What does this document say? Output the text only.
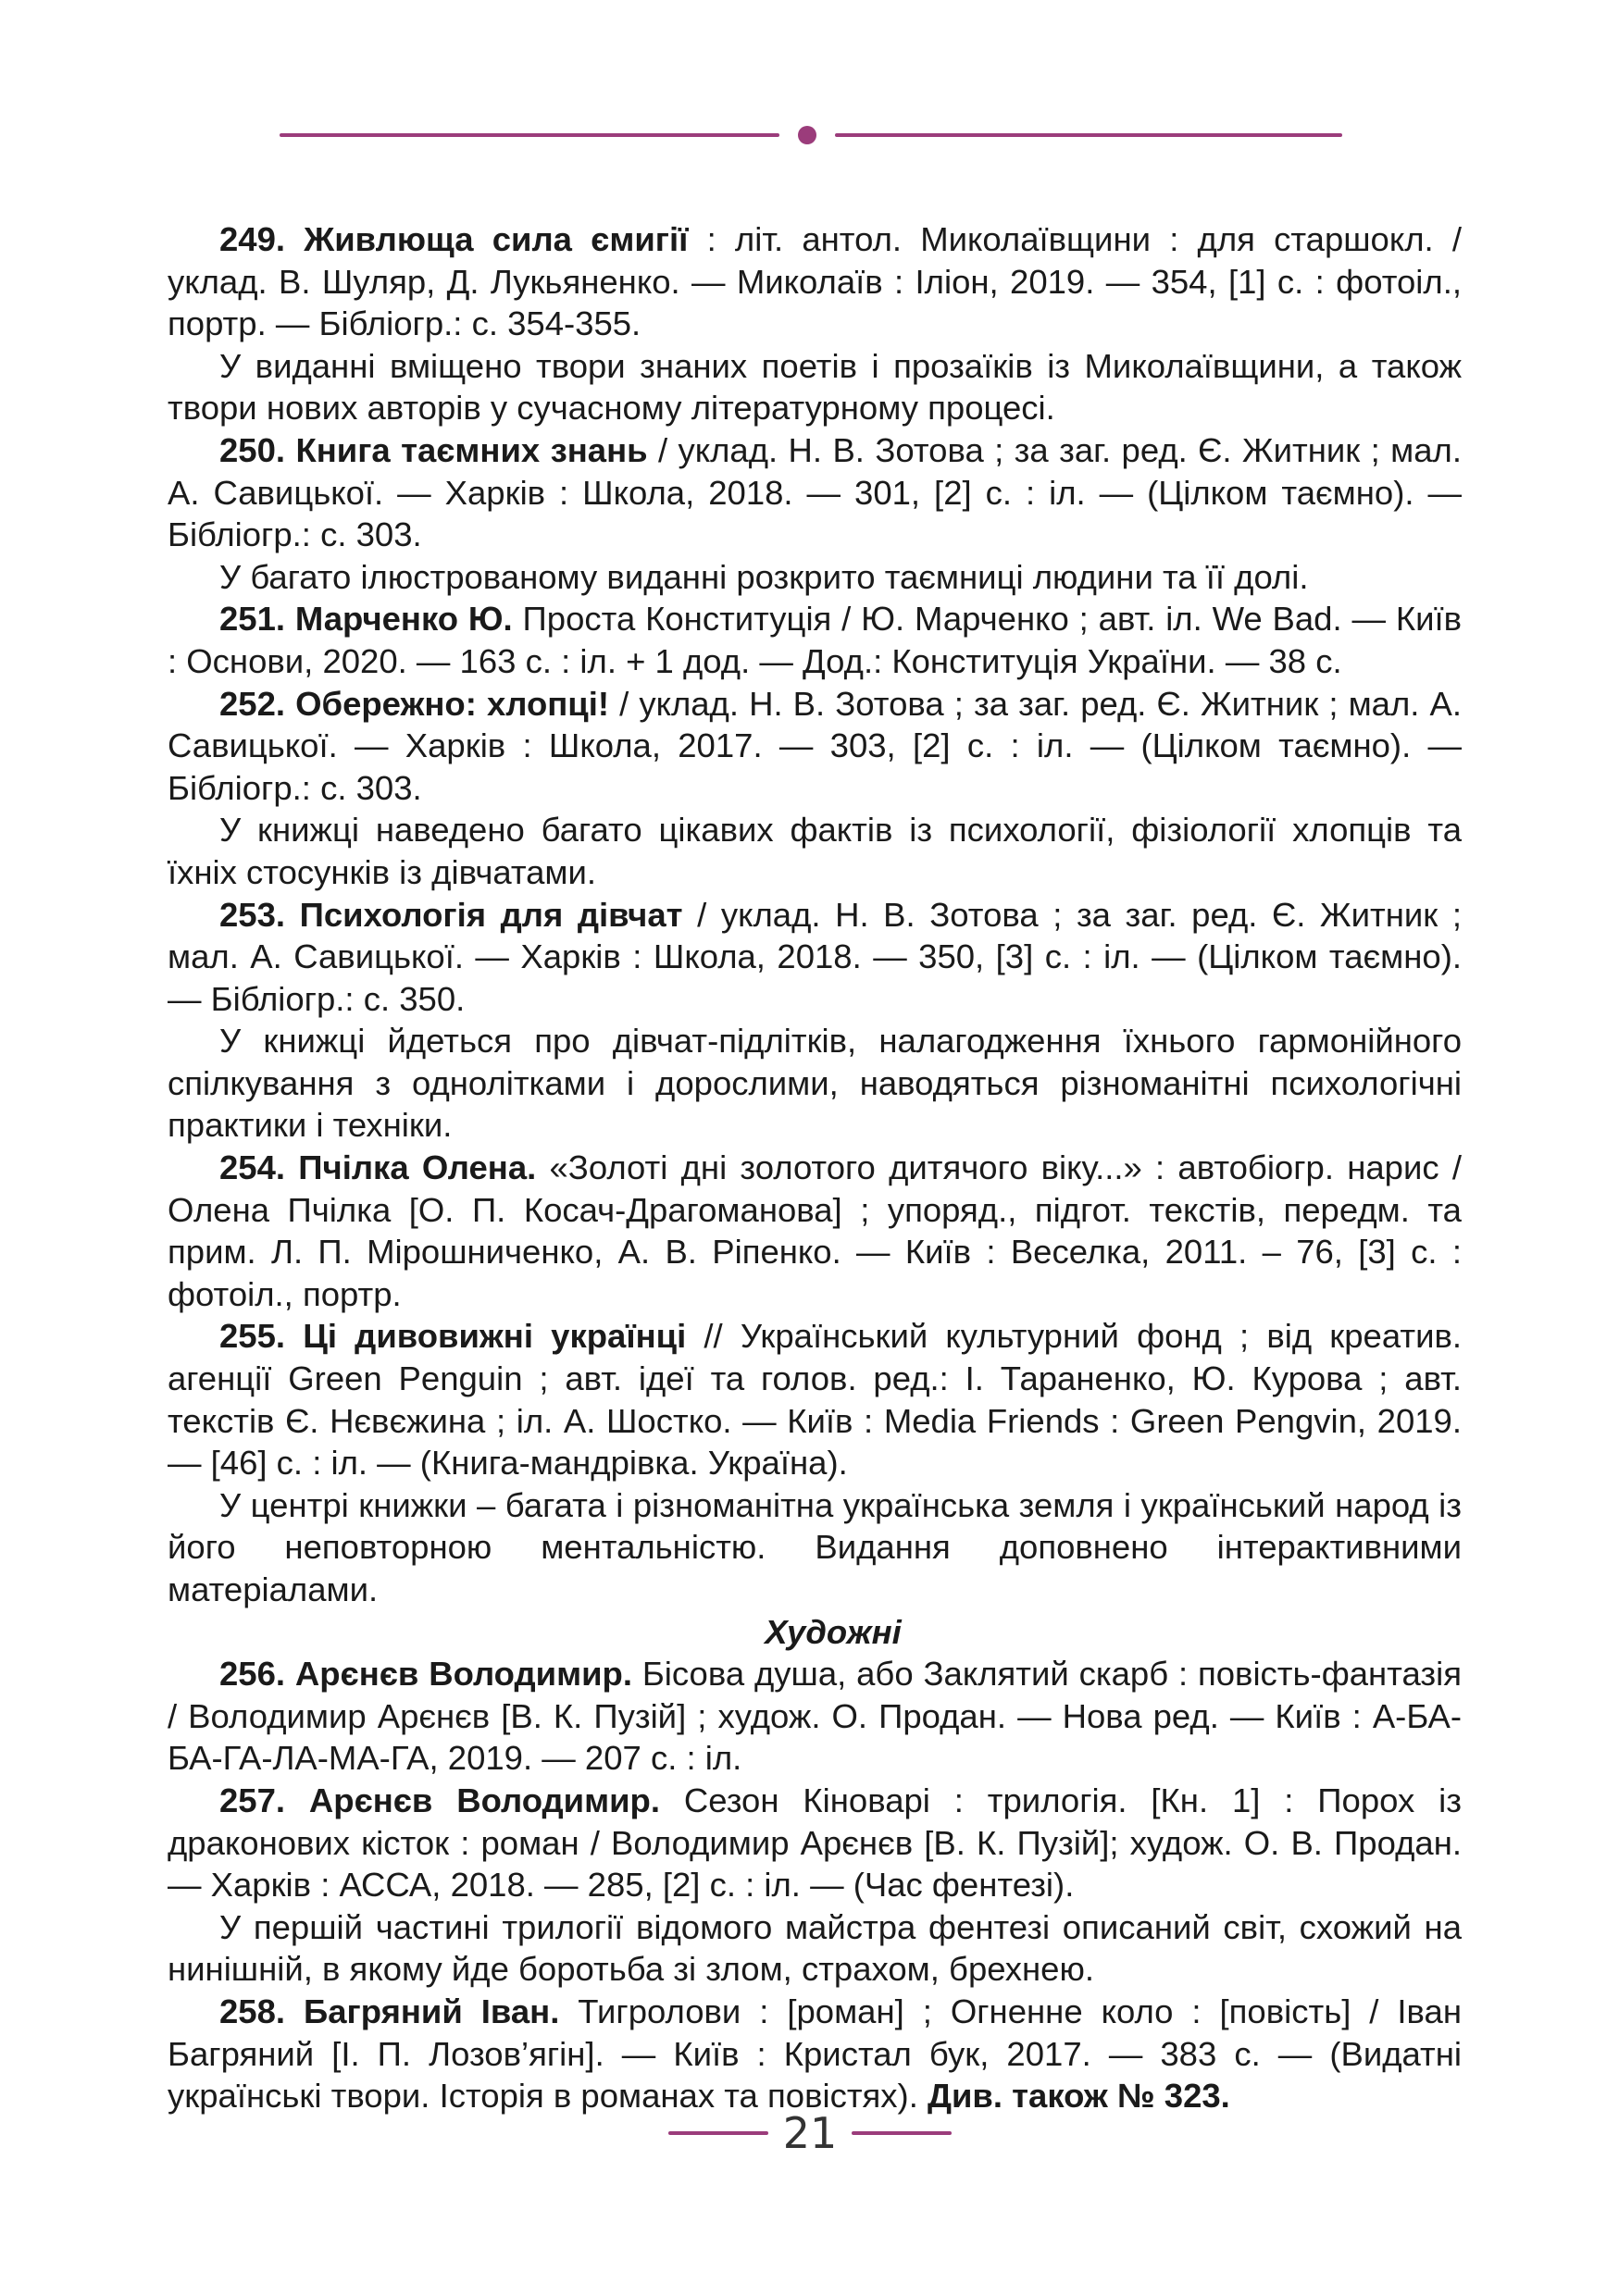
249. Живлюща сила ємигії : літ. антол. Миколаївщини : для старшокл. / уклад. В. Шуляр, Д. Лукьяненко. — Миколаїв : Іліон, 2019. — 354, [1] с. : фотоіл., портр. — Бібліогр.: с. 354-355.

У виданні вміщено твори знаних поетів і прозаїків із Миколаївщини, а також твори нових авторів у сучасному літературному процесі.

250. Книга таємних знань / уклад. Н. В. Зотова ; за заг. ред. Є. Житник ; мал. А. Савицької. — Харків : Школа, 2018. — 301, [2] с. : іл. — (Цілком таємно). — Бібліогр.: с. 303.

У багато ілюстрованому виданні розкрито таємниці людини та її долі.

251. Марченко Ю. Проста Конституція / Ю. Марченко ; авт. іл. We Bad. — Київ : Основи, 2020. — 163 с. : іл. + 1 дод. — Дод.: Конституція України. — 38 с.

252. Обережно: хлопці! / уклад. Н. В. Зотова ; за заг. ред. Є. Житник ; мал. А. Савицької. — Харків : Школа, 2017. — 303, [2] с. : іл. — (Цілком таємно). — Бібліогр.: с. 303.

У книжці наведено багато цікавих фактів із психології, фізіології хлопців та їхніх стосунків із дівчатами.

253. Психологія для дівчат / уклад. Н. В. Зотова ; за заг. ред. Є. Житник ; мал. А. Савицької. — Харків : Школа, 2018. — 350, [3] с. : іл. — (Цілком таємно). — Бібліогр.: с. 350.

У книжці йдеться про дівчат-підлітків, налагодження їхнього гармонійного спілкування з однолітками і дорослими, наводяться різноманітні психологічні практики і техніки.

254. Пчілка Олена. «Золоті дні золотого дитячого віку...» : автобіогр. нарис / Олена Пчілка [О. П. Косач-Драгоманова] ; упоряд., підгот. текстів, передм. та прим. Л. П. Мірошниченко, А. В. Ріпенко. — Київ : Веселка, 2011. – 76, [3] с. : фотоіл., портр.

255. Ці дивовижні українці // Український культурний фонд ; від креатив. агенції Green Penguin ; авт. ідеї та голов. ред.: І. Тараненко, Ю. Курова ; авт. текстів Є. Нєвєжина ; іл. А. Шостко. — Київ : Media Friends : Green Pengvin, 2019. — [46] с. : іл. — (Книга-мандрівка. Україна).

У центрі книжки – багата і різноманітна українська земля і український народ із його неповторною ментальністю. Видання доповнено інтерактивними матеріалами.

Художні

256. Арєнєв Володимир. Бісова душа, або Заклятий скарб : повість-фантазія / Володимир Арєнєв [В. К. Пузій] ; худож. О. Продан. — Нова ред. — Київ : А-БА-БА-ГА-ЛА-МА-ГА, 2019. — 207 с. : іл.

257. Арєнєв Володимир. Сезон Кіноварі : трилогія. [Кн. 1] : Порох із драконових кісток : роман / Володимир Арєнєв [В. К. Пузій]; худож. О. В. Продан. — Харків : АССА, 2018. — 285, [2] с. : іл. — (Час фентезі).

У першій частині трилогії відомого майстра фентезі описаний світ, схожий на нинішній, в якому йде боротьба зі злом, страхом, брехнею.

258. Багряний Іван. Тигролови : [роман] ; Огненне коло : [повість] / Іван Багряний [І. П. Лозов’ягін]. — Київ : Кристал бук, 2017. — 383 с. — (Видатні українські твори. Історія в романах та повістях). Див. також № 323.

21
